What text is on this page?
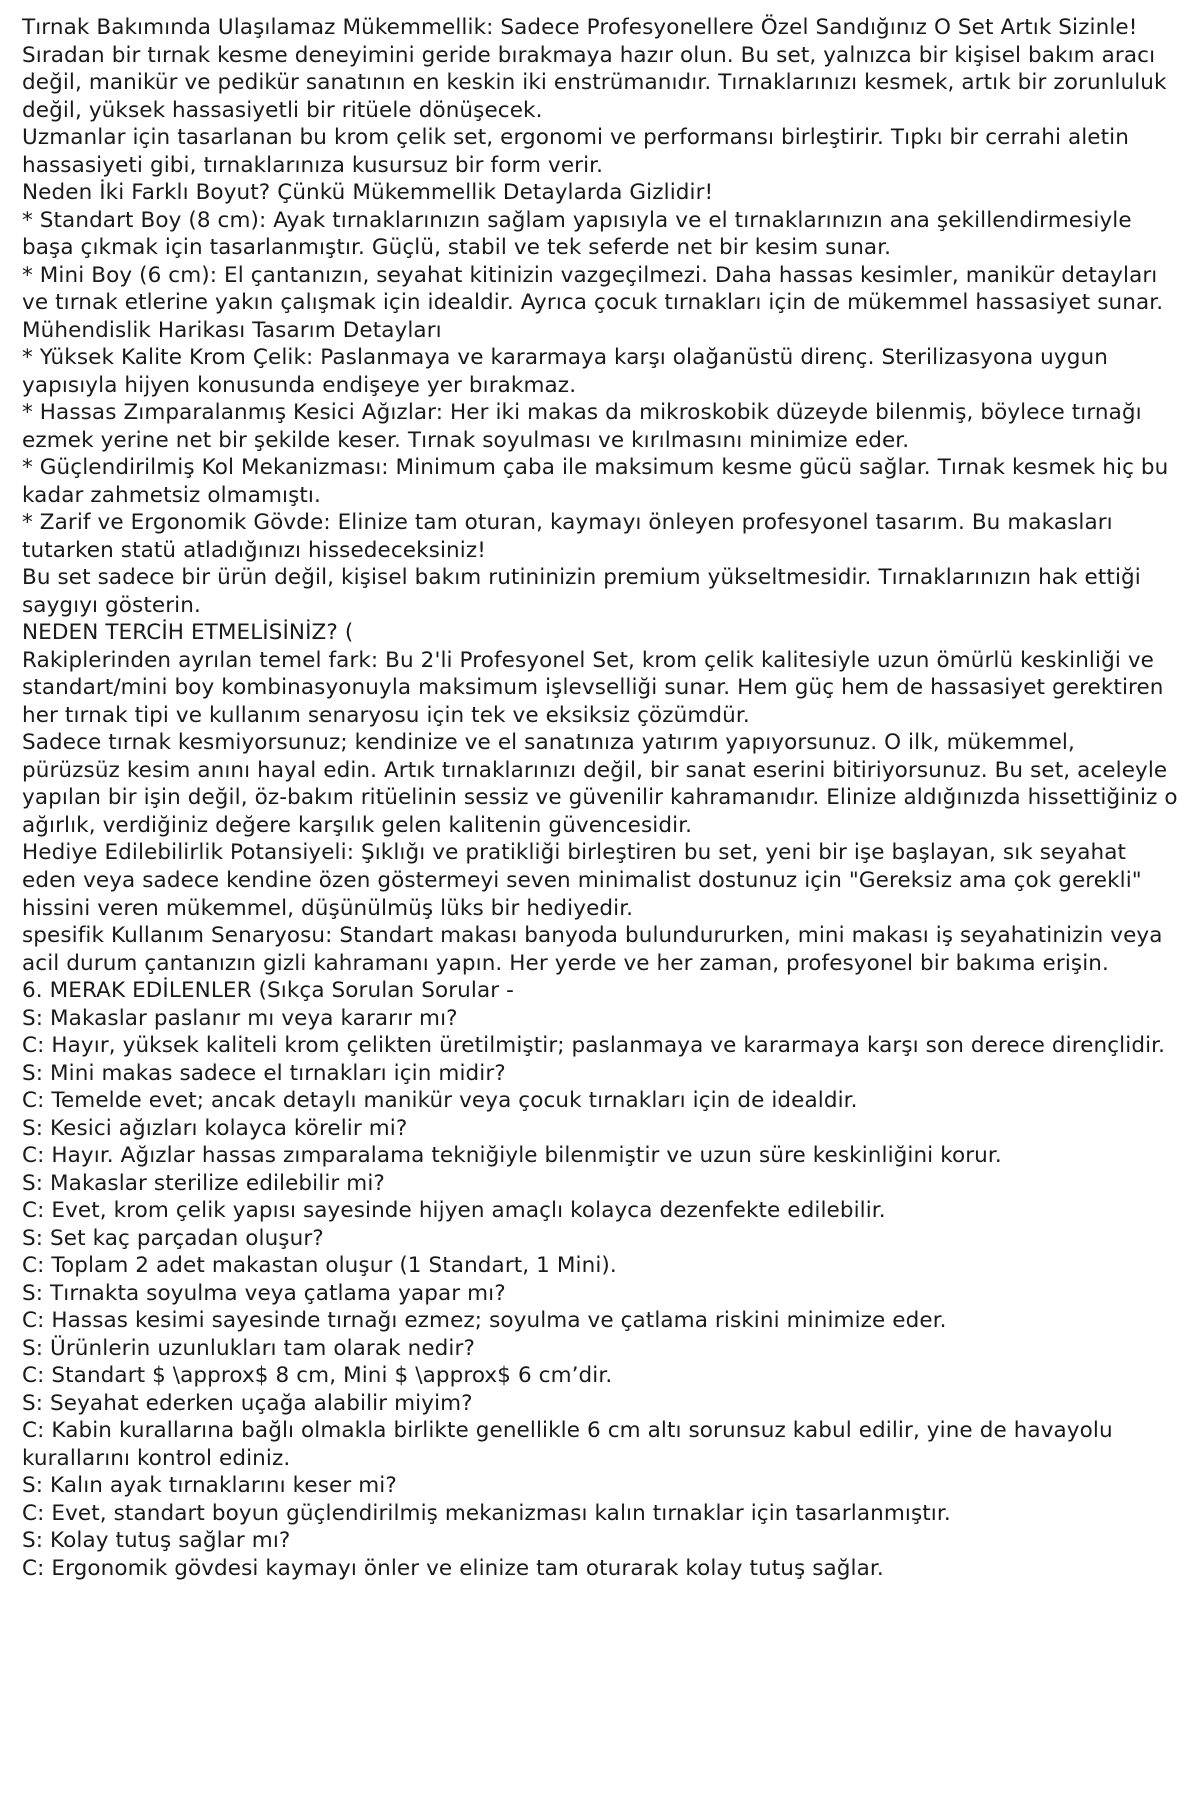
Tırnak Bakımında Ulaşılamaz Mükemmellik: Sadece Profesyonellere Özel Sandığınız O Set Artık Sizinle!

Sıradan bir tırnak kesme deneyimini geride bırakmaya hazır olun. Bu set, yalnızca bir kişisel bakım aracı değil, manikür ve pedikür sanatının en keskin iki enstrümanıdır. Tırnaklarınızı kesmek, artık bir zorunluluk değil, yüksek hassasiyetli bir ritüele dönüşecek.

Uzmanlar için tasarlanan bu krom çelik set, ergonomi ve performansı birleştirir. Tıpkı bir cerrahi aletin hassasiyeti gibi, tırnaklarınıza kusursuz bir form verir.

Neden İki Farklı Boyut? Çünkü Mükemmellik Detaylarda Gizlidir!

* Standart Boy (8 cm): Ayak tırnaklarınızın sağlam yapısıyla ve el tırnaklarınızın ana şekillendirmesiyle başa çıkmak için tasarlanmıştır. Güçlü, stabil ve tek seferde net bir kesim sunar.

* Mini Boy (6 cm): El çantanızın, seyahat kitinizin vazgeçilmezi. Daha hassas kesimler, manikür detayları ve tırnak etlerine yakın çalışmak için idealdir. Ayrıca çocuk tırnakları için de mükemmel hassasiyet sunar.

Mühendislik Harikası Tasarım Detayları

* Yüksek Kalite Krom Çelik: Paslanmaya ve kararmaya karşı olağanüstü direnç. Sterilizasyona uygun yapısıyla hijyen konusunda endişeye yer bırakmaz.

* Hassas Zımparalanmış Kesici Ağızlar: Her iki makas da mikroskobik düzeyde bilenmiş, böylece tırnağı ezmek yerine net bir şekilde keser. Tırnak soyulması ve kırılmasını minimize eder.

* Güçlendirilmiş Kol Mekanizması: Minimum çaba ile maksimum kesme gücü sağlar. Tırnak kesmek hiç bu kadar zahmetsiz olmamıştı.

* Zarif ve Ergonomik Gövde: Elinize tam oturan, kaymayı önleyen profesyonel tasarım. Bu makasları tutarken statü atladığınızı hissedeceksiniz!

Bu set sadece bir ürün değil, kişisel bakım rutininizin premium yükseltmesidir. Tırnaklarınızın hak ettiği saygıyı gösterin.

NEDEN TERCİH ETMELİSİNİZ? (

Rakiplerinden ayrılan temel fark: Bu 2'li Profesyonel Set, krom çelik kalitesiyle uzun ömürlü keskinliği ve standart/mini boy kombinasyonuyla maksimum işlevselliği sunar. Hem güç hem de hassasiyet gerektiren her tırnak tipi ve kullanım senaryosu için tek ve eksiksiz çözümdür.

Sadece tırnak kesmiyorsunuz; kendinize ve el sanatınıza yatırım yapıyorsunuz. O ilk, mükemmel, pürüzsüz kesim anını hayal edin. Artık tırnaklarınızı değil, bir sanat eserini bitiriyorsunuz. Bu set, aceleyle yapılan bir işin değil, öz-bakım ritüelinin sessiz ve güvenilir kahramanıdır. Elinize aldığınızda hissettiğiniz o ağırlık, verdiğiniz değere karşılık gelen kalitenin güvencesidir.

Hediye Edilebilirlik Potansiyeli: Şıklığı ve pratikliği birleştiren bu set, yeni bir işe başlayan, sık seyahat eden veya sadece kendine özen göstermeyi seven minimalist dostunuz için "Gereksiz ama çok gerekli" hissini veren mükemmel, düşünülmüş lüks bir hediyedir.

spesifik Kullanım Senaryosu: Standart makası banyoda bulundururken, mini makası iş seyahatinizin veya acil durum çantanızın gizli kahramanı yapın. Her yerde ve her zaman, profesyonel bir bakıma erişin.

6. MERAK EDİLENLER (Sıkça Sorulan Sorular -

S: Makaslar paslanır mı veya kararır mı?

C: Hayır, yüksek kaliteli krom çelikten üretilmiştir; paslanmaya ve kararmaya karşı son derece dirençlidir.

S: Mini makas sadece el tırnakları için midir?

C: Temelde evet; ancak detaylı manikür veya çocuk tırnakları için de idealdir.

S: Kesici ağızları kolayca körelir mi?

C: Hayır. Ağızlar hassas zımparalama tekniğiyle bilenmiştir ve uzun süre keskinliğini korur.

S: Makaslar sterilize edilebilir mi?

C: Evet, krom çelik yapısı sayesinde hijyen amaçlı kolayca dezenfekte edilebilir.

S: Set kaç parçadan oluşur?

C: Toplam 2 adet makastan oluşur (1 Standart, 1 Mini).

S: Tırnakta soyulma veya çatlama yapar mı?

C: Hassas kesimi sayesinde tırnağı ezmez; soyulma ve çatlama riskini minimize eder.

S: Ürünlerin uzunlukları tam olarak nedir?

C: Standart $ \approx$ 8 cm, Mini $ \approx$ 6 cm’dir.

S: Seyahat ederken uçağa alabilir miyim?

C: Kabin kurallarına bağlı olmakla birlikte genellikle 6 cm altı sorunsuz kabul edilir, yine de havayolu kurallarını kontrol ediniz.

S: Kalın ayak tırnaklarını keser mi?

C: Evet, standart boyun güçlendirilmiş mekanizması kalın tırnaklar için tasarlanmıştır.

S: Kolay tutuş sağlar mı?

C: Ergonomik gövdesi kaymayı önler ve elinize tam oturarak kolay tutuş sağlar.
